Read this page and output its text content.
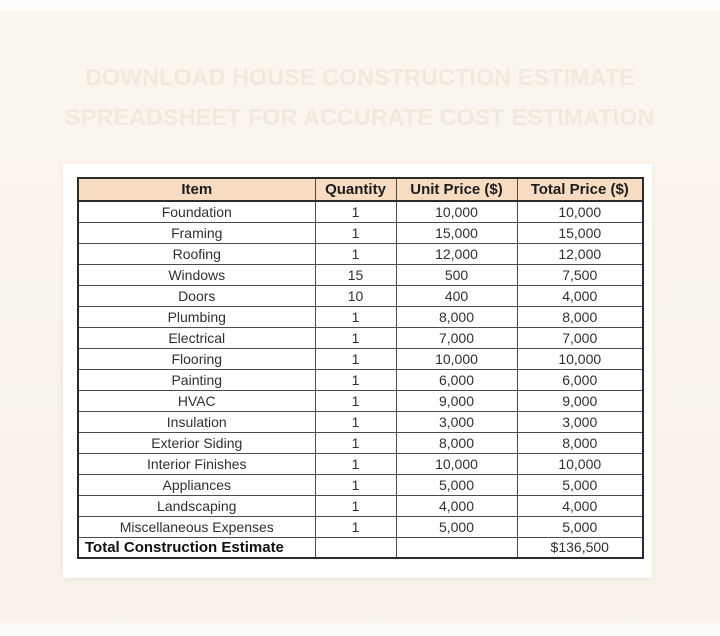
DOWNLOAD HOUSE CONSTRUCTION ESTIMATE
SPREADSHEET FOR ACCURATE COST ESTIMATION
Item	Quantity	Unit Price ($)	Total Price ($)
Foundation	1	10,000	10,000
Framing	1	15,000	15,000
Roofing	1	12,000	12,000
Windows	15	500	7,500
Doors	10	400	4,000
Plumbing	1	8,000	8,000
Electrical	1	7,000	7,000
Flooring	1	10,000	10,000
Painting	1	6,000	6,000
HVAC	1	9,000	9,000
Insulation	1	3,000	3,000
Exterior Siding	1	8,000	8,000
Interior Finishes	1	10,000	10,000
Appliances	1	5,000	5,000
Landscaping	1	4,000	4,000
Miscellaneous Expenses	1	5,000	5,000
Total Construction Estimate			$136,500
